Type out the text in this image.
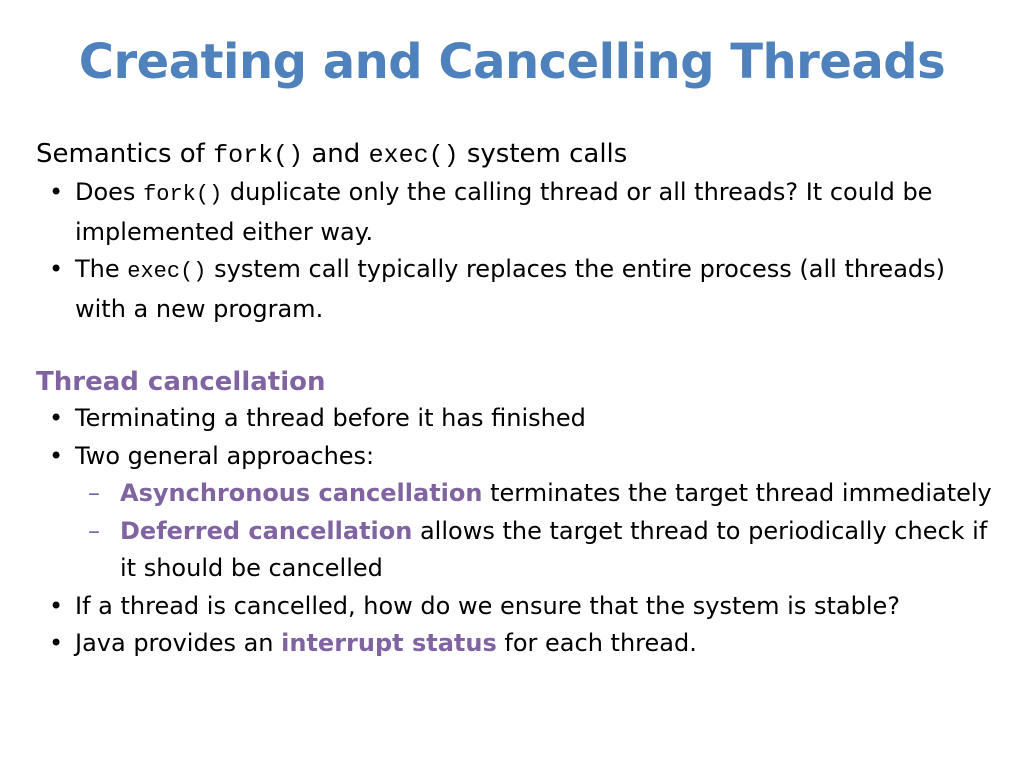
Creating and Cancelling Threads
Semantics of fork() and exec() system calls
• Does fork() duplicate only the calling thread or all threads? It could be implemented either way.
• The exec() system call typically replaces the entire process (all threads) with a new program.
Thread cancellation
• Terminating a thread before it has finished
• Two general approaches:
– Asynchronous cancellation terminates the target thread immediately
– Deferred cancellation allows the target thread to periodically check if it should be cancelled
• If a thread is cancelled, how do we ensure that the system is stable?
• Java provides an interrupt status for each thread.
